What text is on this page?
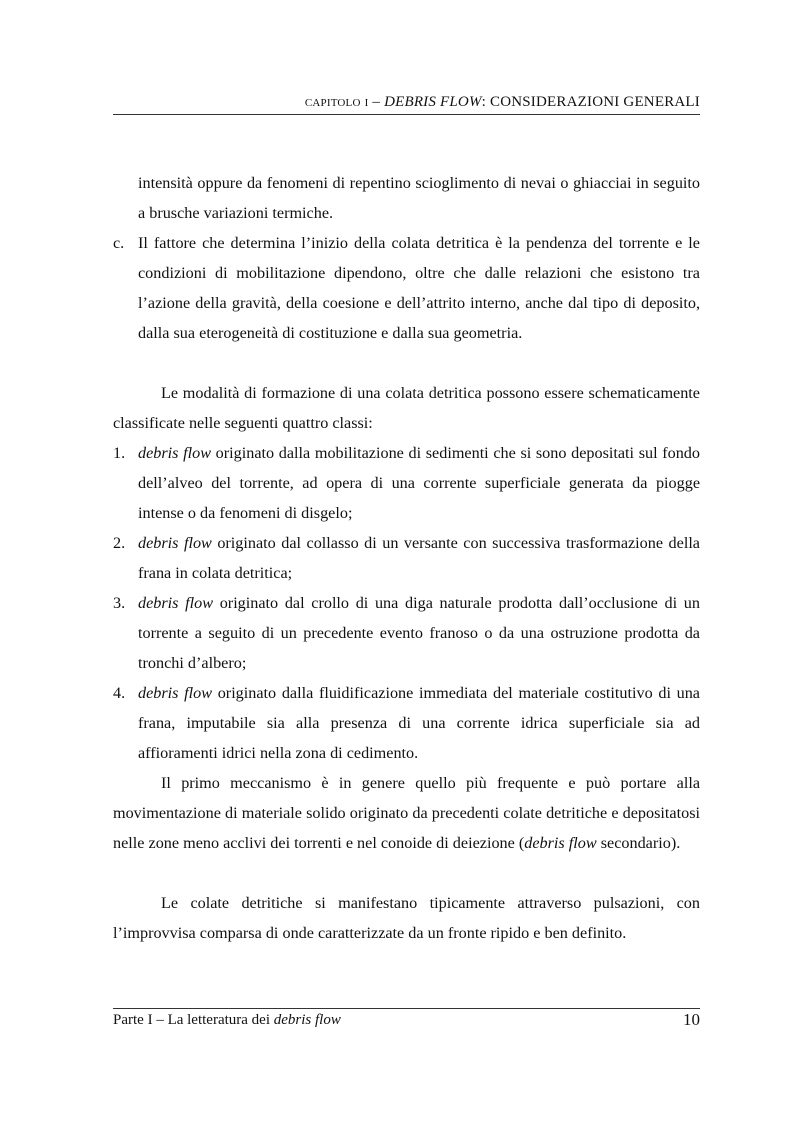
CAPITOLO I – DEBRIS FLOW: CONSIDERAZIONI GENERALI

intensità oppure da fenomeni di repentino scioglimento di nevai o ghiacciai in seguito a brusche variazioni termiche.

c. Il fattore che determina l’inizio della colata detritica è la pendenza del torrente e le condizioni di mobilitazione dipendono, oltre che dalle relazioni che esistono tra l’azione della gravità, della coesione e dell’attrito interno, anche dal tipo di deposito, dalla sua eterogeneità di costituzione e dalla sua geometria.

Le modalità di formazione di una colata detritica possono essere schematicamente classificate nelle seguenti quattro classi:

1. debris flow originato dalla mobilitazione di sedimenti che si sono depositati sul fondo dell’alveo del torrente, ad opera di una corrente superficiale generata da piogge intense o da fenomeni di disgelo;

2. debris flow originato dal collasso di un versante con successiva trasformazione della frana in colata detritica;

3. debris flow originato dal crollo di una diga naturale prodotta dall’occlusione di un torrente a seguito di un precedente evento franoso o da una ostruzione prodotta da tronchi d’albero;

4. debris flow originato dalla fluidificazione immediata del materiale costitutivo di una frana, imputabile sia alla presenza di una corrente idrica superficiale sia ad affioramenti idrici nella zona di cedimento.

Il primo meccanismo è in genere quello più frequente e può portare alla movimentazione di materiale solido originato da precedenti colate detritiche e depositatosi nelle zone meno acclivi dei torrenti e nel conoide di deiezione (debris flow secondario).

Le colate detritiche si manifestano tipicamente attraverso pulsazioni, con l’improvvisa comparsa di onde caratterizzate da un fronte ripido e ben definito.

Parte I – La letteratura dei debris flow	10
